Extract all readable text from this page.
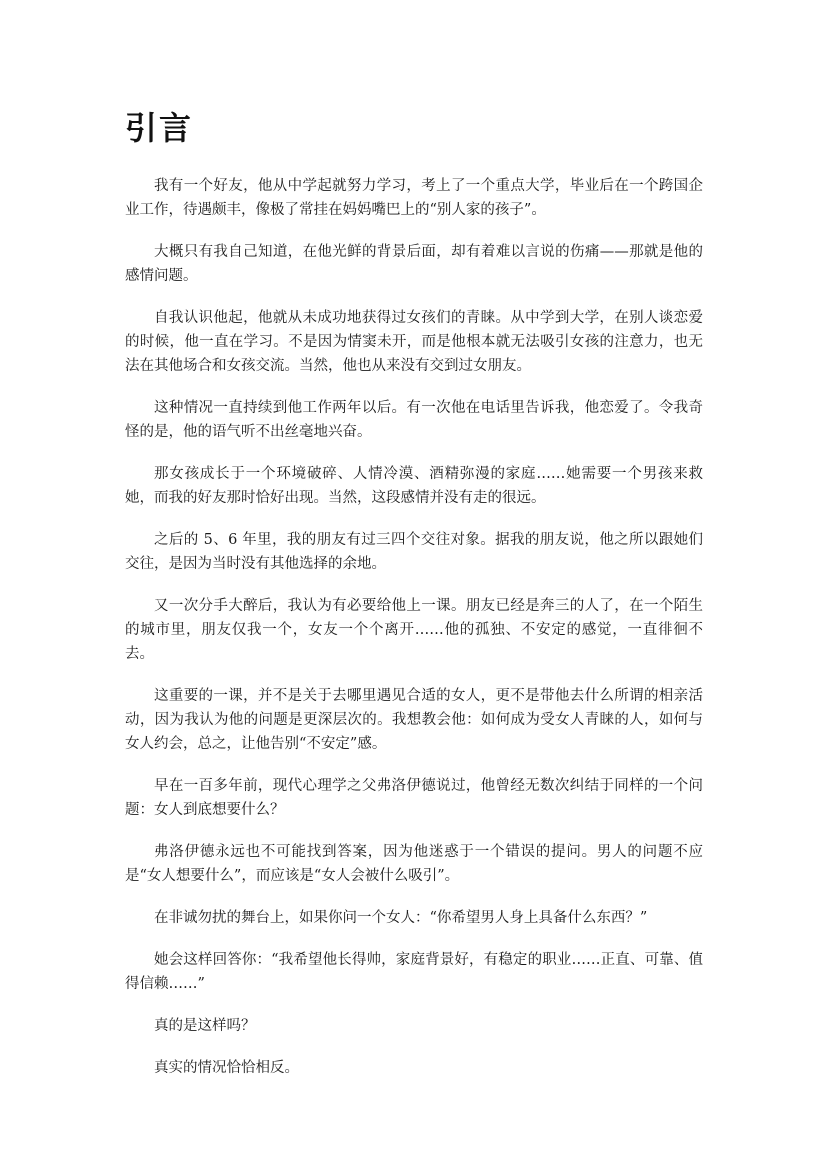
引言

我有一个好友，他从中学起就努力学习，考上了一个重点大学，毕业后在一个跨国企业工作，待遇颇丰，像极了常挂在妈妈嘴巴上的“别人家的孩子”。

大概只有我自己知道，在他光鲜的背景后面，却有着难以言说的伤痛——那就是他的感情问题。

自我认识他起，他就从未成功地获得过女孩们的青睐。从中学到大学，在别人谈恋爱的时候，他一直在学习。不是因为情窦未开，而是他根本就无法吸引女孩的注意力，也无法在其他场合和女孩交流。当然，他也从来没有交到过女朋友。

这种情况一直持续到他工作两年以后。有一次他在电话里告诉我，他恋爱了。令我奇怪的是，他的语气听不出丝毫地兴奋。

那女孩成长于一个环境破碎、人情冷漠、酒精弥漫的家庭……她需要一个男孩来救她，而我的好友那时恰好出现。当然，这段感情并没有走的很远。

之后的 5、6 年里，我的朋友有过三四个交往对象。据我的朋友说，他之所以跟她们交往，是因为当时没有其他选择的余地。

又一次分手大醉后，我认为有必要给他上一课。朋友已经是奔三的人了，在一个陌生的城市里，朋友仅我一个，女友一个个离开……他的孤独、不安定的感觉，一直徘徊不去。

这重要的一课，并不是关于去哪里遇见合适的女人，更不是带他去什么所谓的相亲活动，因为我认为他的问题是更深层次的。我想教会他：如何成为受女人青睐的人，如何与女人约会，总之，让他告别“不安定”感。

早在一百多年前，现代心理学之父弗洛伊德说过，他曾经无数次纠结于同样的一个问题：女人到底想要什么？

弗洛伊德永远也不可能找到答案，因为他迷惑于一个错误的提问。男人的问题不应是“女人想要什么”，而应该是“女人会被什么吸引”。

在非诚勿扰的舞台上，如果你问一个女人：“你希望男人身上具备什么东西？”

她会这样回答你：“我希望他长得帅，家庭背景好，有稳定的职业……正直、可靠、值得信赖……”

真的是这样吗？

真实的情况恰恰相反。
